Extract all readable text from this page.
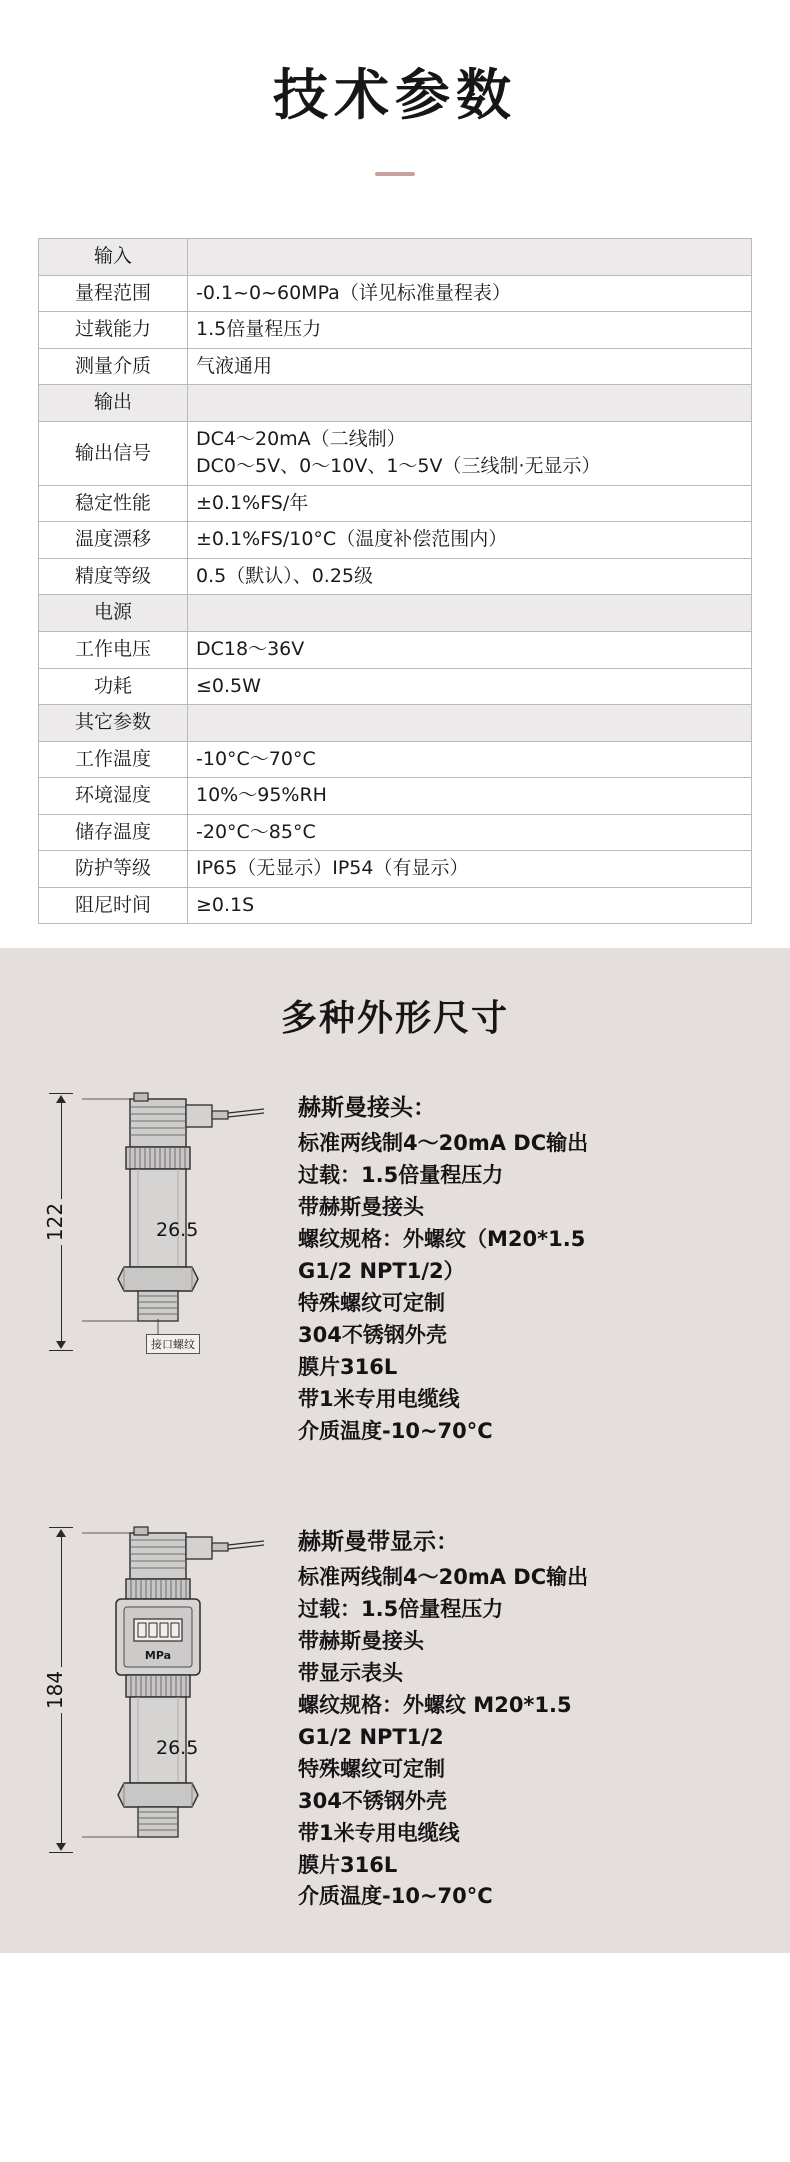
技术参数
输入	
量程范围	-0.1~0~60MPa（详见标准量程表）
过载能力	1.5倍量程压力
测量介质	气液通用
输出	
输出信号	DC4～20mA（二线制）
DC0～5V、0～10V、1～5V（三线制·无显示）

稳定性能	±0.1%FS/年
温度漂移	±0.1%FS/10°C（温度补偿范围内）
精度等级	0.5（默认）、0.25级
电源	
工作电压	DC18～36V
功耗	≤0.5W
其它参数	
工作温度	-10°C～70°C
环境湿度	10%～95%RH
储存温度	-20°C～85°C
防护等级	IP65（无显示）IP54（有显示）
阻尼时间	≥0.1S
多种外形尺寸
122	26.5
接口螺纹

赫斯曼接头：

标准两线制4～20mA DC输出

过载：1.5倍量程压力

带赫斯曼接头

螺纹规格：外螺纹（M20*1.5

G1/2 NPT1/2）

特殊螺纹可定制

304不锈钢外壳

膜片316L

带1米专用电缆线

介质温度-10~70°C

184
MPa
26.5

赫斯曼带显示：

标准两线制4～20mA DC输出

过载：1.5倍量程压力

带赫斯曼接头

带显示表头

螺纹规格：外螺纹 M20*1.5

G1/2 NPT1/2

特殊螺纹可定制

304不锈钢外壳

带1米专用电缆线

膜片316L

介质温度-10~70°C
